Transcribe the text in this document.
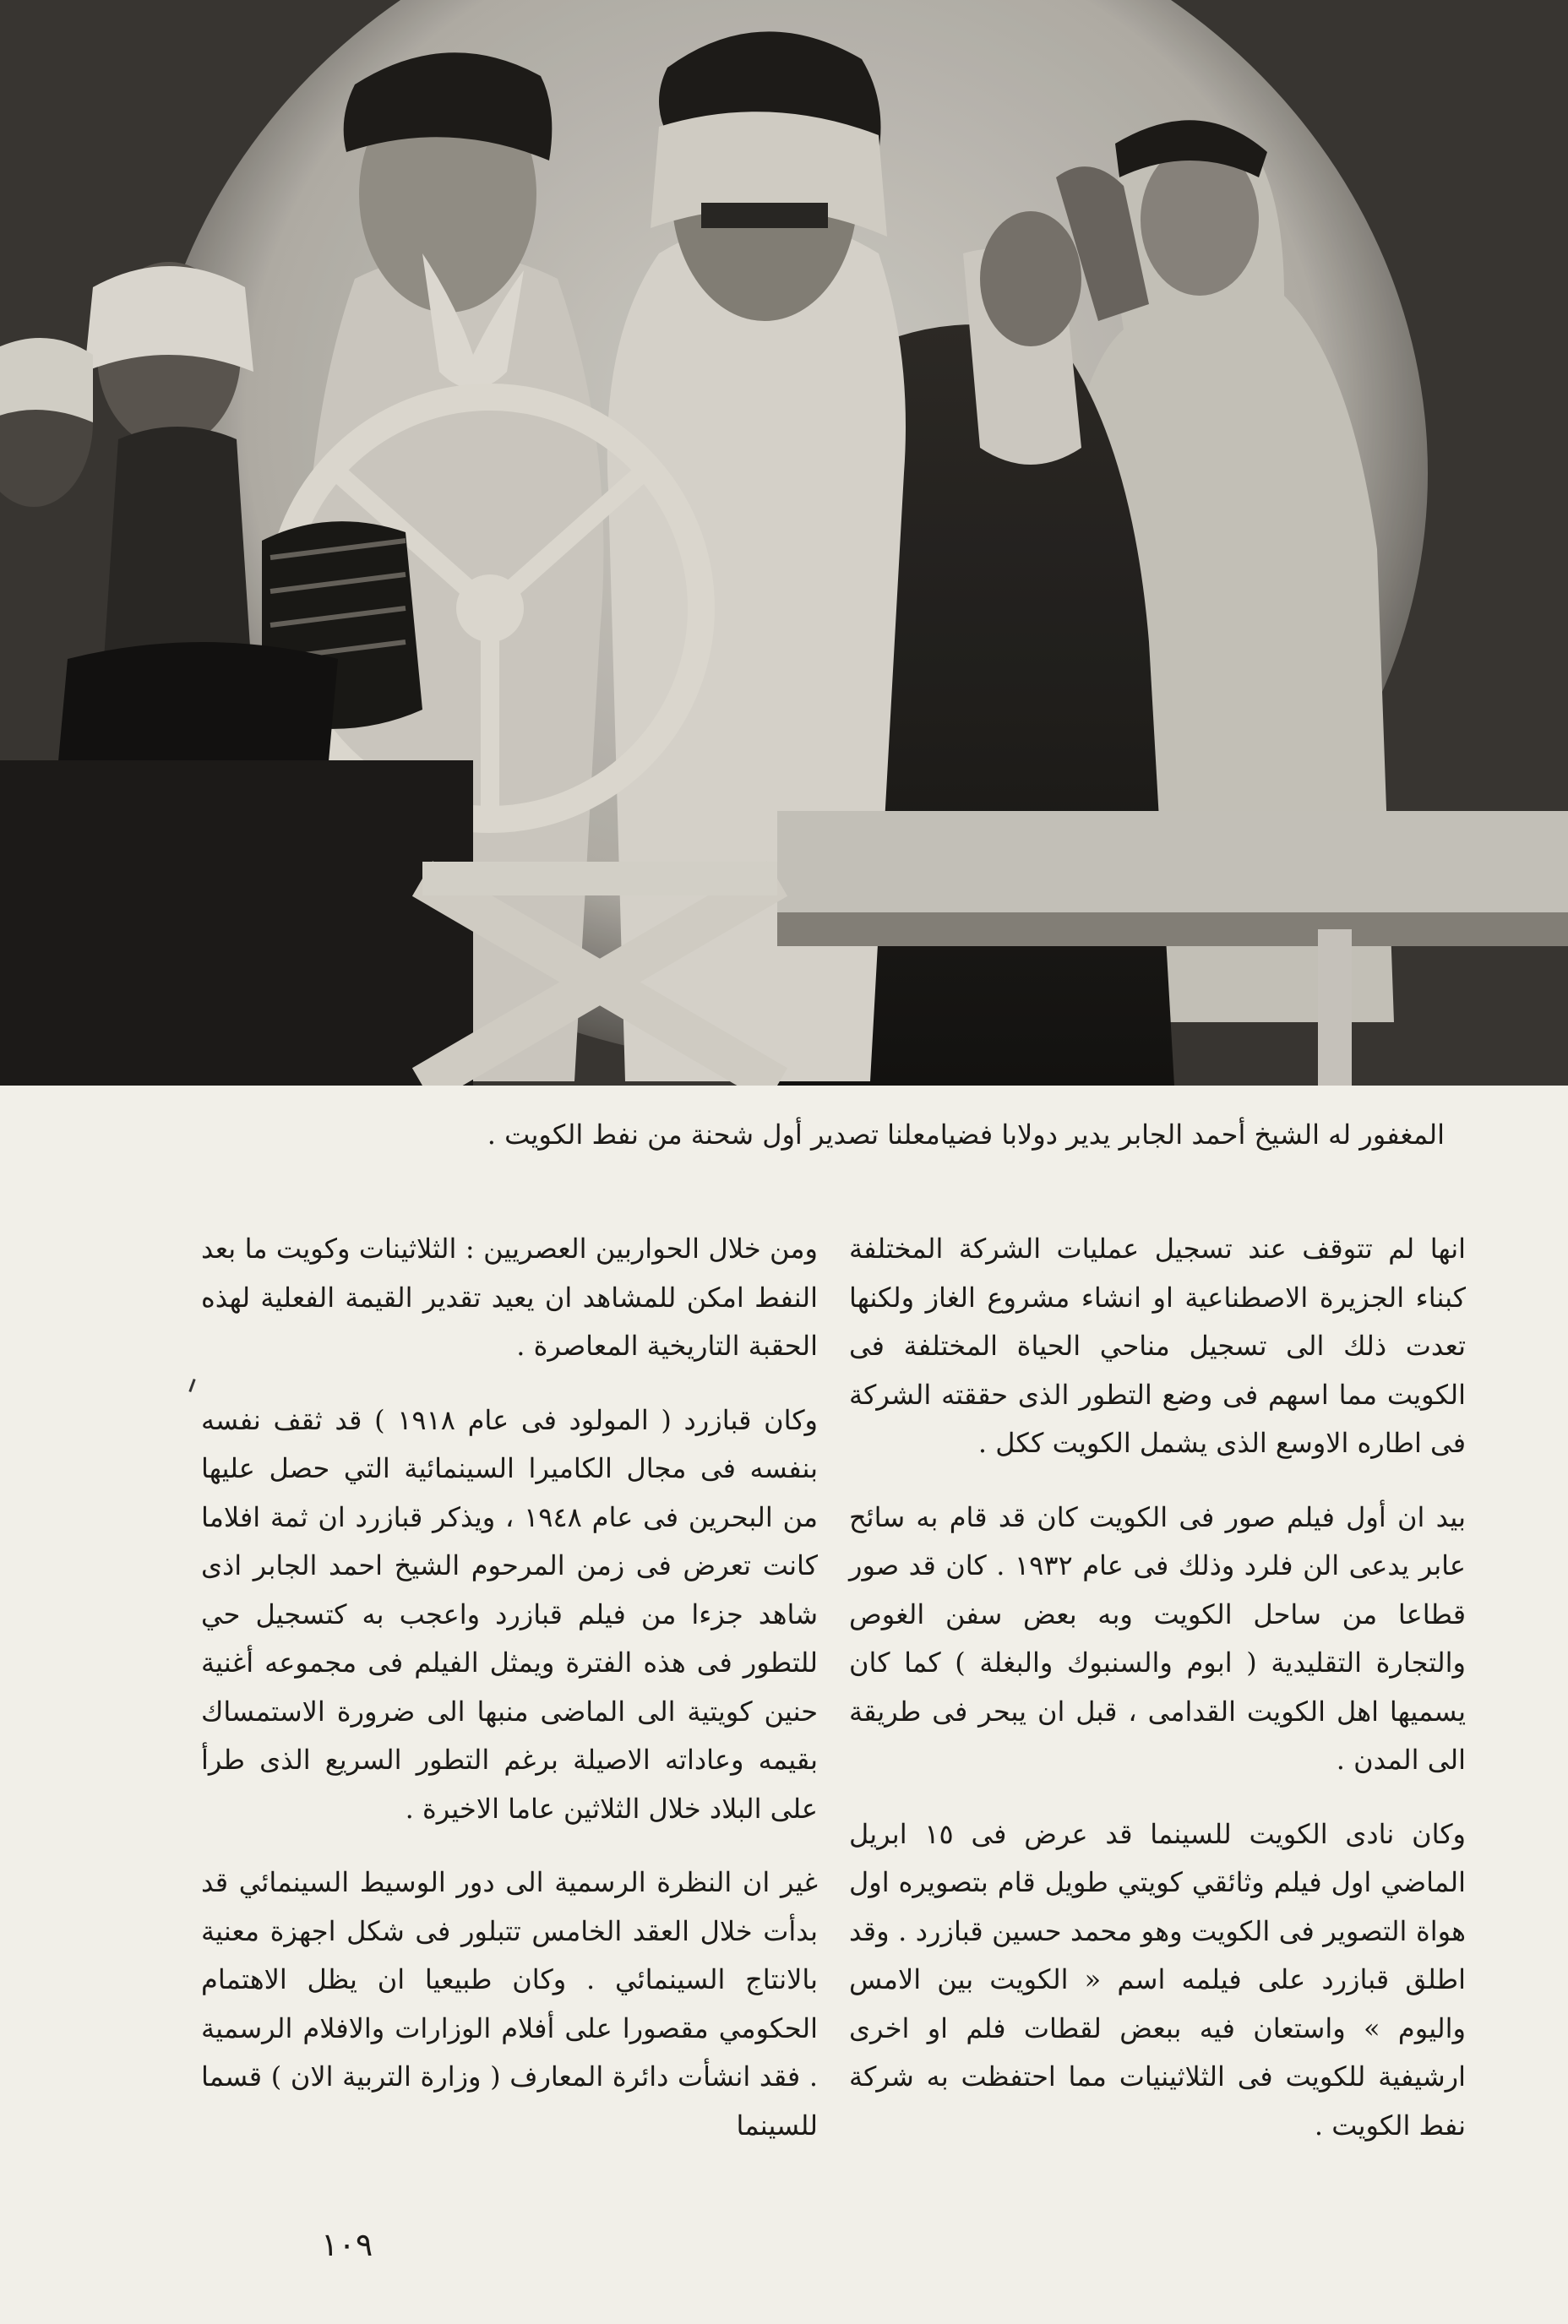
المغفور له الشيخ أحمد الجابر يدير دولابا فضيامعلنا تصدير أول شحنة من نفط الكويت .

انها لم تتوقف عند تسجيل عمليات الشركة المختلفة كبناء الجزيرة الاصطناعية او انشاء مشروع الغاز ولكنها تعدت ذلك الى تسجيل مناحي الحياة المختلفة فى الكويت مما اسهم فى وضع التطور الذى حققته الشركة فى اطاره الاوسع الذى يشمل الكويت ككل .

بيد ان أول فيلم صور فى الكويت كان قد قام به سائح عابر يدعى الن فلرد وذلك فى عام ١٩٣٢ . كان قد صور قطاعا من ساحل الكويت وبه بعض سفن الغوص والتجارة التقليدية ( ابوم والسنبوك والبغلة ) كما كان يسميها اهل الكويت القدامى ، قبل ان يبحر فى طريقة الى المدن .

وكان نادى الكويت للسينما قد عرض فى ١٥ ابريل الماضي اول فيلم وثائقي كويتي طويل قام بتصويره اول هواة التصوير فى الكويت وهو محمد حسين قبازرد . وقد اطلق قبازرد على فيلمه اسم « الكويت بين الامس واليوم » واستعان فيه ببعض لقطات فلم او اخرى ارشيفية للكويت فى الثلاثينيات مما احتفظت به شركة نفط الكويت .

ومن خلال الحواربين العصريين : الثلاثينات وكويت ما بعد النفط امكن للمشاهد ان يعيد تقدير القيمة الفعلية لهذه الحقبة التاريخية المعاصرة .

وكان قبازرد ( المولود فى عام ١٩١٨ ) قد ثقف نفسه بنفسه فى مجال الكاميرا السينمائية التي حصل عليها من البحرين فى عام ١٩٤٨ ، ويذكر قبازرد ان ثمة افلاما كانت تعرض فى زمن المرحوم الشيخ احمد الجابر اذى شاهد جزءا من فيلم قبازرد واعجب به كتسجيل حي للتطور فى هذه الفترة ويمثل الفيلم فى مجموعه أغنية حنين كويتية الى الماضى منبها الى ضرورة الاستمساك بقيمه وعاداته الاصيلة برغم التطور السريع الذى طرأ على البلاد خلال الثلاثين عاما الاخيرة .

غير ان النظرة الرسمية الى دور الوسيط السينمائي قد بدأت خلال العقد الخامس تتبلور فى شكل اجهزة معنية بالانتاج السينمائي . وكان طبيعيا ان يظل الاهتمام الحكومي مقصورا على أفلام الوزارات والافلام الرسمية . فقد انشأت دائرة المعارف ( وزارة التربية الان ) قسما للسينما

١٠٩
